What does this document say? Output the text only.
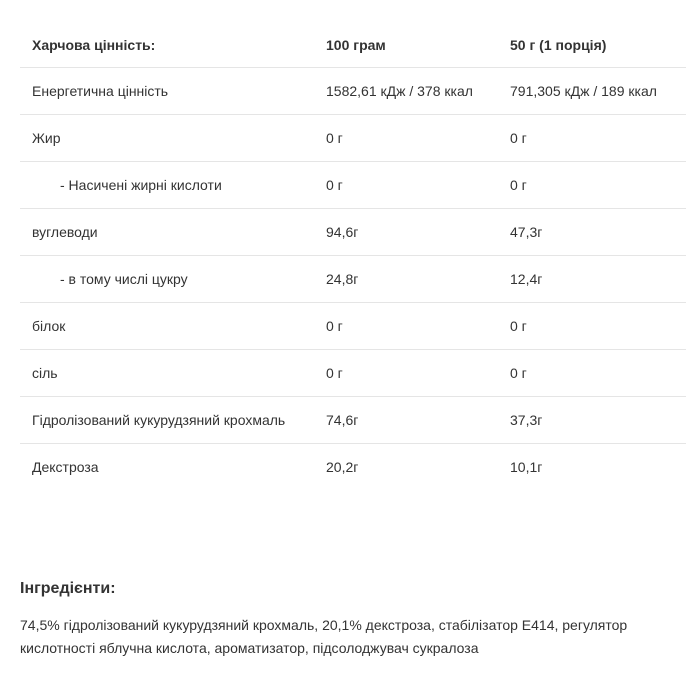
Харчова цінність:	100 грам	50 г (1 порція)
Енергетична цінність	1582,61 кДж / 378 ккал	791,305 кДж / 189 ккал
Жир	0 г	0 г
- Насичені жирні кислоти	0 г	0 г
вуглеводи	94,6г	47,3г
- в тому числі цукру	24,8г	12,4г
білок	0 г	0 г
сіль	0 г	0 г
Гідролізований кукурудзяний крохмаль	74,6г	37,3г
Декстроза	20,2г	10,1г
Інгредієнти:

74,5% гідролізований кукурудзяний крохмаль, 20,1% декстроза, стабілізатор Е414, регулятор кислотності яблучна кислота, ароматизатор, підсолоджувач сукралоза
